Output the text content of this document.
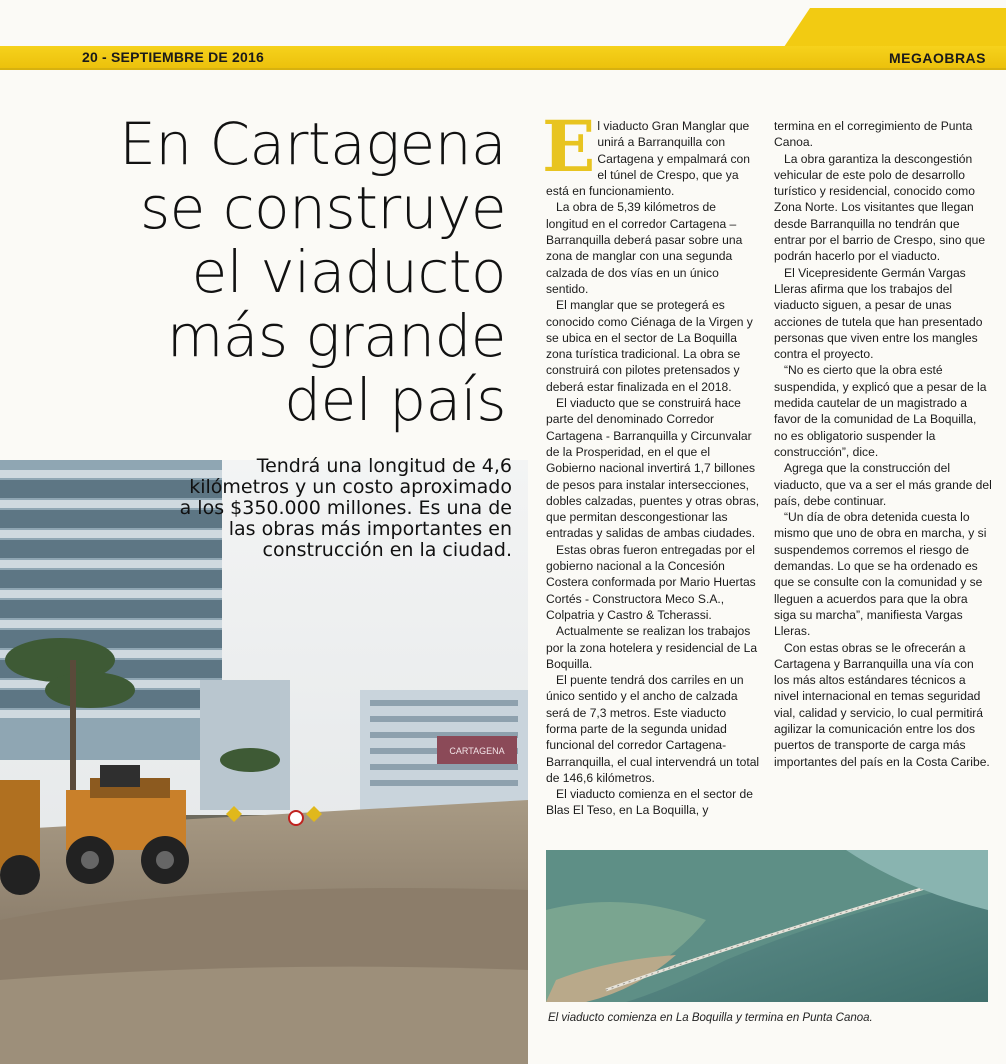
20 - SEPTIEMBRE DE 2016	MEGAOBRAS
En Cartagena
se construye
el viaducto
más grande
del país
CARTAGENA
Tendrá una longitud de 4,6 kilómetros y un costo aproximado a los $350.000 millones. Es una de las obras más importantes en construcción en la ciudad.

El viaducto Gran Manglar que unirá a Barranquilla con Cartagena y empalmará con el túnel de Crespo, que ya está en funcionamiento.

La obra de 5,39 kilómetros de longitud en el corredor Cartagena – Barranquilla deberá pasar sobre una zona de manglar con una segunda calzada de dos vías en un único sentido.

El manglar que se protegerá es conocido como Ciénaga de la Virgen y se ubica en el sector de La Boquilla zona turística tradicional. La obra se construirá con pilotes pretensados y deberá estar finalizada en el 2018.

El viaducto que se construirá hace parte del denominado Corredor Cartagena - Barranquilla y Circunvalar de la Prosperidad, en el que el Gobierno nacional invertirá 1,7 billones de pesos para instalar intersecciones, dobles calzadas, puentes y otras obras, que permitan descongestionar las entradas y salidas de ambas ciudades.

Estas obras fueron entregadas por el gobierno nacional a la Concesión Costera conformada por Mario Huertas Cortés - Constructora Meco S.A., Colpatria y Castro & Tcherassi.

Actualmente se realizan los trabajos por la zona hotelera y residencial de La Boquilla.

El puente tendrá dos carriles en un único sentido y el ancho de calzada será de 7,3 metros. Este viaducto forma parte de la segunda unidad funcional del corredor Cartagena-Barranquilla, el cual intervendrá un total de 146,6 kilómetros.

El viaducto comienza en el sector de Blas El Teso, en La Boquilla, y

termina en el corregimiento de Punta Canoa.

La obra garantiza la descongestión vehicular de este polo de desarrollo turístico y residencial, conocido como Zona Norte. Los visitantes que llegan desde Barranquilla no tendrán que entrar por el barrio de Crespo, sino que podrán hacerlo por el viaducto.

El Vicepresidente Germán Vargas Lleras afirma que los trabajos del viaducto siguen, a pesar de unas acciones de tutela que han presentado personas que viven entre los mangles contra el proyecto.

“No es cierto que la obra esté suspendida, y explicó que a pesar de la medida cautelar de un magistrado a favor de la comunidad de La Boquilla, no es obligatorio suspender la construcción”, dice.

Agrega que la construcción del viaducto, que va a ser el más grande del país, debe continuar.

“Un día de obra detenida cuesta lo mismo que uno de obra en marcha, y si suspendemos corremos el riesgo de demandas. Lo que se ha ordenado es que se consulte con la comunidad y se lleguen a acuerdos para que la obra siga su marcha”, manifiesta Vargas Lleras.

Con estas obras se le ofrecerán a Cartagena y Barranquilla una vía con los más altos estándares técnicos a nivel internacional en temas seguridad vial, calidad y servicio, lo cual permitirá agilizar la comunicación entre los dos puertos de transporte de carga más importantes del país en la Costa Caribe.

El viaducto comienza en La Boquilla y termina en Punta Canoa.
